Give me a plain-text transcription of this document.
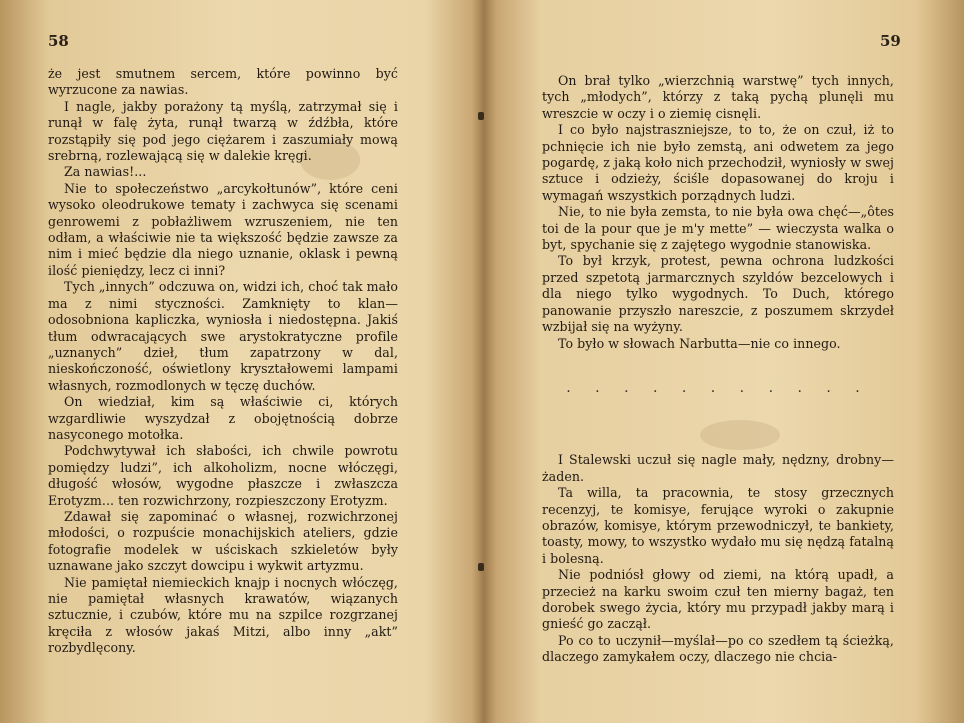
58

że jest smutnem sercem, które powinno być wyrzucone za nawias.

I nagle, jakby porażony tą myślą, zatrzymał się i runął w falę żyta, runął twarzą w źdźbła, które rozstąpiły się pod jego ciężarem i zaszumiały mową srebrną, rozlewającą się w dalekie kręgi.

Za nawias!...

Nie to społeczeństwo „arcykołtunów”, które ceni wysoko oleodrukowe tematy i zachwyca się scenami genrowemi z pobłażliwem wzruszeniem, nie ten odłam, a właściwie nie ta większość będzie zawsze za nim i mieć będzie dla niego uznanie, oklask i pewną ilość pieniędzy, lecz ci inni?

Tych „innych” odczuwa on, widzi ich, choć tak mało ma z nimi styczności. Zamknięty to klan—odosobniona kapliczka, wyniosła i niedostępna. Jakiś tłum odwracających swe arystokratyczne profile „uznanych” dzieł, tłum zapatrzony w dal, nieskończoność, oświetlony kryształowemi lampami własnych, rozmodlonych w tęczę duchów.

On wiedział, kim są właściwie ci, których wzgardliwie wyszydzał z obojętnością dobrze nasyconego motołka.

Podchwytywał ich słabości, ich chwile powrotu pomiędzy ludzi”, ich alkoholizm, nocne włóczęgi, długość włosów, wygodne płaszcze i zwłaszcza Erotyzm... ten rozwichrzony, rozpieszczony Erotyzm.

Zdawał się zapominać o własnej, rozwichrzonej młodości, o rozpuście monachijskich ateliers, gdzie fotografie modelek w uściskach szkieletów były uznawane jako szczyt dowcipu i wykwit artyzmu.

Nie pamiętał niemieckich knajp i nocnych włóczęg, nie pamiętał własnych krawatów, wiązanych sztucznie, i czubów, które mu na szpilce rozgrzanej kręciła z włosów jakaś Mitzi, albo inny „akt” rozbydlęcony.

59

On brał tylko „wierzchnią warstwę” tych innych, tych „młodych”, którzy z taką pychą plunęli mu wreszcie w oczy i o ziemię cisnęli.

I co było najstraszniejsze, to to, że on czuł, iż to pchnięcie ich nie było zemstą, ani odwetem za jego pogardę, z jaką koło nich przechodził, wyniosły w swej sztuce i odzieży, ściśle dopasowanej do kroju i wymagań wszystkich porządnych ludzi.

Nie, to nie była zemsta, to nie była owa chęć—„ôtes toi de la pour que je m'y mette” — wieczysta walka o byt, spychanie się z zajętego wygodnie stanowiska.

To był krzyk, protest, pewna ochrona ludzkości przed szpetotą jarmarcznych szyldów bezcelowych i dla niego tylko wygodnych. To Duch, którego panowanie przyszło nareszcie, z poszumem skrzydeł wzbijał się na wyżyny.

To było w słowach Narbutta—nie co innego.

. . . . . . . . . . .

I Stalewski uczuł się nagle mały, nędzny, drobny—żaden.

Ta willa, ta pracownia, te stosy grzecznych recenzyj, te komisye, ferujące wyroki o zakupnie obrazów, komisye, którym przewodniczył, te bankiety, toasty, mowy, to wszystko wydało mu się nędzą fatalną i bolesną.

Nie podniósł głowy od ziemi, na którą upadł, a przecież na karku swoim czuł ten mierny bagaż, ten dorobek swego życia, który mu przypadł jakby marą i gnieść go zaczął.

Po co to uczynił—myślał—po co szedłem tą ścieżką, dlaczego zamykałem oczy, dlaczego nie chcia-
